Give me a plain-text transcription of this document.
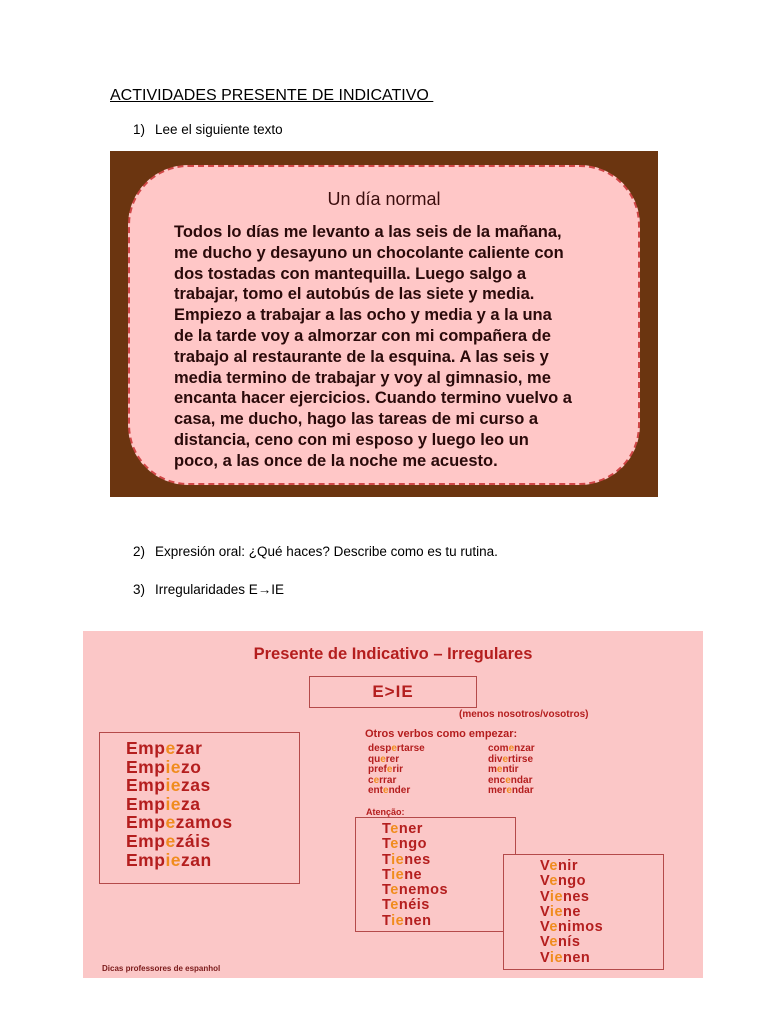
ACTIVIDADES PRESENTE DE INDICATIVO
1) Lee el siguiente texto
Un día normal
Todos lo días me levanto a las seis de la mañana,
me ducho y desayuno un chocolante caliente con
dos tostadas con mantequilla. Luego salgo a
trabajar, tomo el autobús de las siete y media.
Empiezo a trabajar a las ocho y media y a la una
de la tarde voy a almorzar con mi compañera de
trabajo al restaurante de la esquina. A las seis y
media termino de trabajar y voy al gimnasio, me
encanta hacer ejercicios. Cuando termino vuelvo a
casa, me ducho, hago las tareas de mi curso a
distancia, ceno con mi esposo y luego leo un
poco, a las once de la noche me acuesto.
2) Expresión oral: ¿Qué haces? Describe como es tu rutina.
3) Irregularidades E→IE
Presente de Indicativo – Irregulares
E>IE
(menos nosotros/vosotros)
Empezar
Empiezo
Empiezas
Empieza
Empezamos
Empezáis
Empiezan
Otros verbos como empezar:
despertarse
querer
preferir
cerrar
entender
comenzar
divertirse
mentir
encendar
merendar
Atenção:
Tener
Tengo
Tienes
Tiene
Tenemos
Tenéis
Tienen
Venir
Vengo
Vienes
Viene
Venimos
Venís
Vienen
Dicas professores de espanhol
